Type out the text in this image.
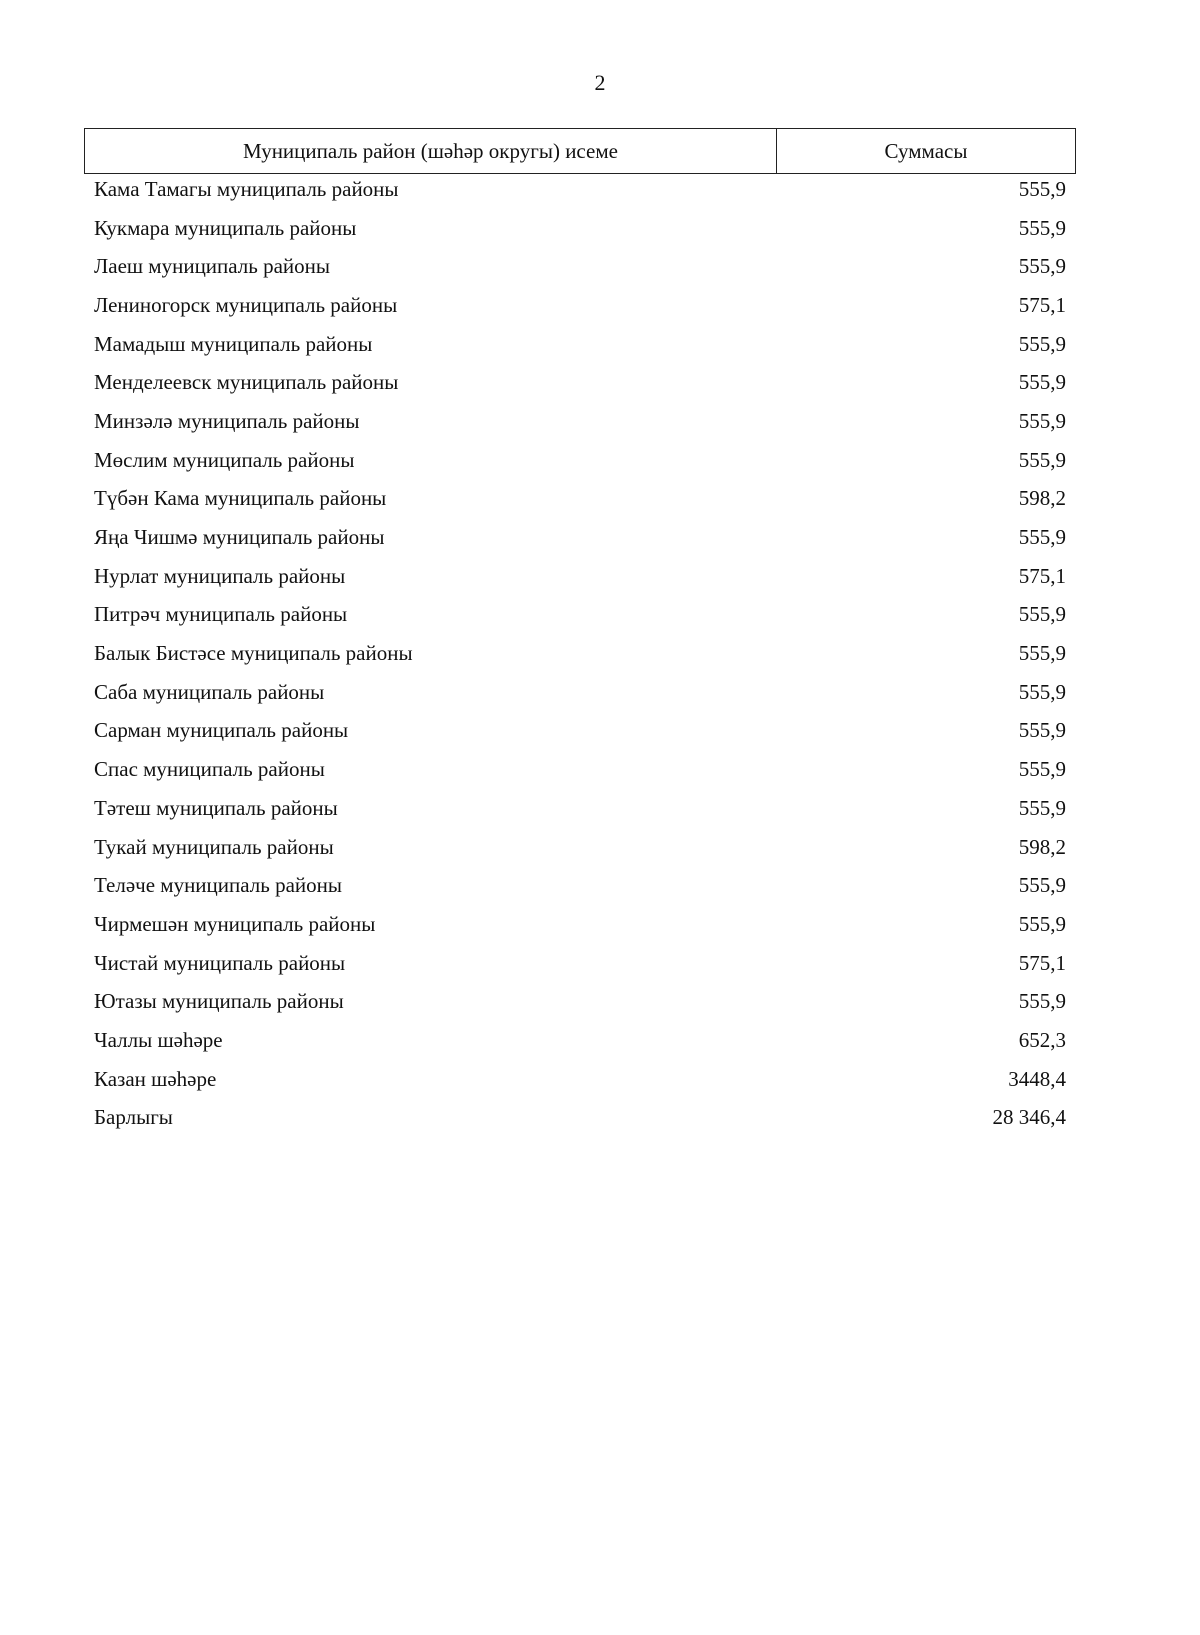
2
Муниципаль район (шәһәр округы) исеме	Суммасы
Кама Тамагы муниципаль районы	555,9
Кукмара муниципаль районы	555,9
Лаеш муниципаль районы	555,9
Лениногорск муниципаль районы	575,1
Мамадыш муниципаль районы	555,9
Менделеевск муниципаль районы	555,9
Минзәлә муниципаль районы	555,9
Мөслим муниципаль районы	555,9
Түбән Кама муниципаль районы	598,2
Яңа Чишмә муниципаль районы	555,9
Нурлат муниципаль районы	575,1
Питрәч муниципаль районы	555,9
Балык Бистәсе муниципаль районы	555,9
Саба муниципаль районы	555,9
Сарман муниципаль районы	555,9
Спас муниципаль районы	555,9
Тәтеш муниципаль районы	555,9
Тукай муниципаль районы	598,2
Теләче муниципаль районы	555,9
Чирмешән муниципаль районы	555,9
Чистай муниципаль районы	575,1
Ютазы муниципаль районы	555,9
Чаллы шәһәре	652,3
Казан шәһәре	3448,4
Барлыгы	28 346,4
